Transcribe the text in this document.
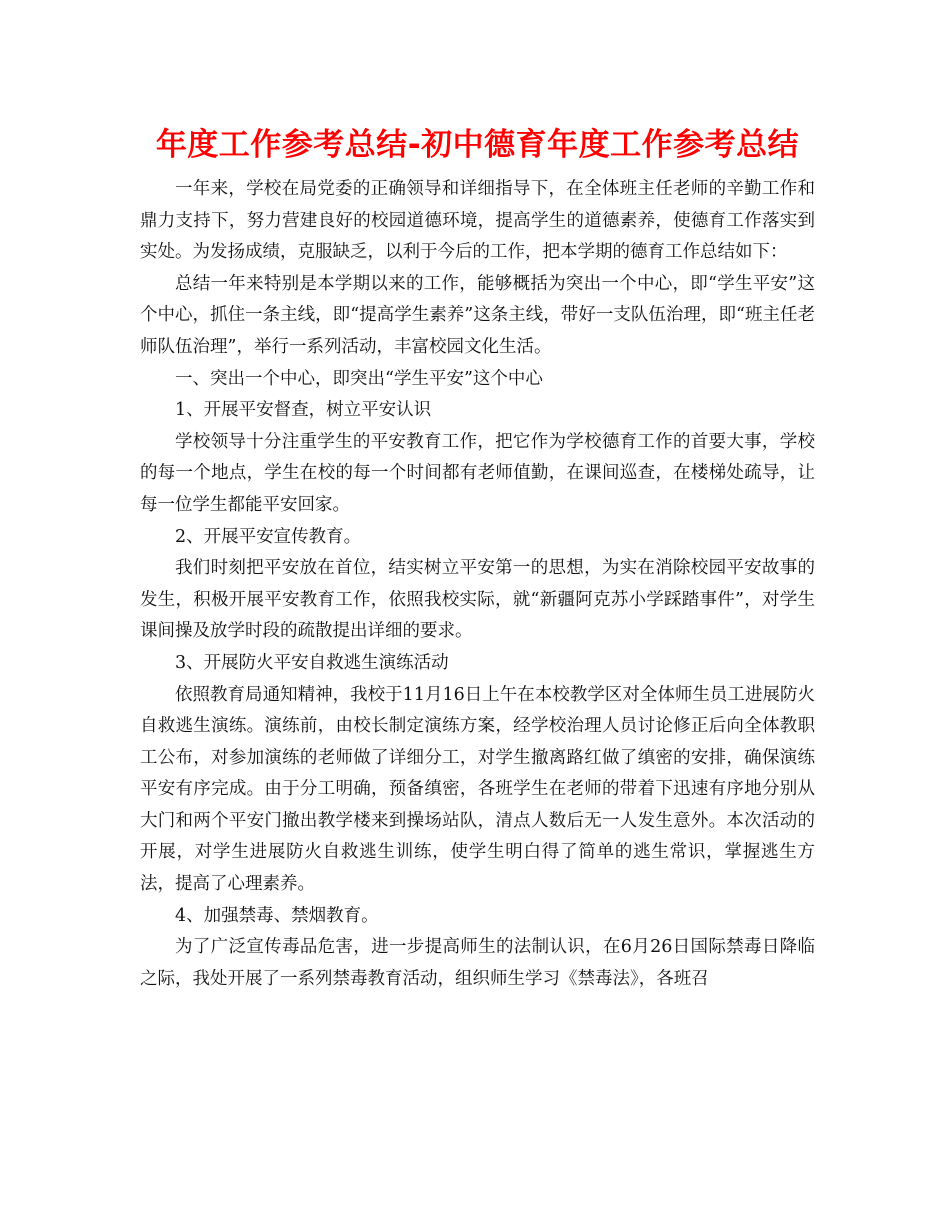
年度工作参考总结-初中德育年度工作参考总结

一年来，学校在局党委的正确领导和详细指导下，在全体班主任老师的辛勤工作和鼎力支持下，努力营建良好的校园道德环境，提高学生的道德素养，使德育工作落实到实处。为发扬成绩，克服缺乏，以利于今后的工作，把本学期的德育工作总结如下：

总结一年来特别是本学期以来的工作，能够概括为突出一个中心，即“学生平安”这个中心，抓住一条主线，即“提高学生素养”这条主线，带好一支队伍治理，即“班主任老师队伍治理”，举行一系列活动，丰富校园文化生活。

一、突出一个中心，即突出“学生平安”这个中心

1、开展平安督查，树立平安认识

学校领导十分注重学生的平安教育工作，把它作为学校德育工作的首要大事，学校的每一个地点，学生在校的每一个时间都有老师值勤，在课间巡查，在楼梯处疏导，让每一位学生都能平安回家。

2、开展平安宣传教育。

我们时刻把平安放在首位，结实树立平安第一的思想，为实在消除校园平安故事的发生，积极开展平安教育工作，依照我校实际，就“新疆阿克苏小学踩踏事件”，对学生课间操及放学时段的疏散提出详细的要求。

3、开展防火平安自救逃生演练活动

依照教育局通知精神，我校于11月16日上午在本校教学区对全体师生员工进展防火自救逃生演练。演练前，由校长制定演练方案，经学校治理人员讨论修正后向全体教职工公布，对参加演练的老师做了详细分工，对学生撤离路红做了缜密的安排，确保演练平安有序完成。由于分工明确，预备缜密，各班学生在老师的带着下迅速有序地分别从大门和两个平安门撤出教学楼来到操场站队，清点人数后无一人发生意外。本次活动的开展，对学生进展防火自救逃生训练，使学生明白得了简单的逃生常识，掌握逃生方法，提高了心理素养。

4、加强禁毒、禁烟教育。

为了广泛宣传毒品危害，进一步提高师生的法制认识，在6月26日国际禁毒日降临之际，我处开展了一系列禁毒教育活动，组织师生学习《禁毒法》，各班召
